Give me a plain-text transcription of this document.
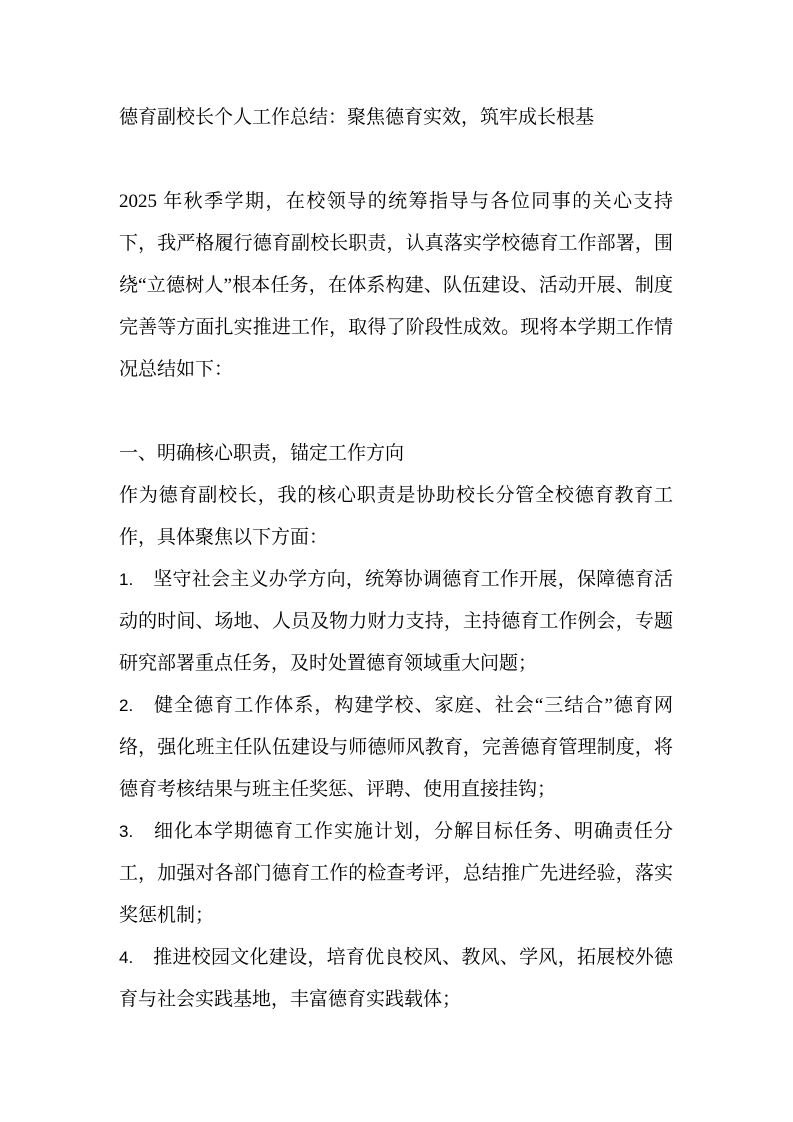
德育副校长个人工作总结：聚焦德育实效，筑牢成长根基

2025 年秋季学期，在校领导的统筹指导与各位同事的关心支持下，我严格履行德育副校长职责，认真落实学校德育工作部署，围绕“立德树人”根本任务，在体系构建、队伍建设、活动开展、制度完善等方面扎实推进工作，取得了阶段性成效。现将本学期工作情况总结如下：

一、明确核心职责，锚定工作方向

作为德育副校长，我的核心职责是协助校长分管全校德育教育工作，具体聚焦以下方面：

1. 坚守社会主义办学方向，统筹协调德育工作开展，保障德育活动的时间、场地、人员及物力财力支持，主持德育工作例会，专题研究部署重点任务，及时处置德育领域重大问题；

2. 健全德育工作体系，构建学校、家庭、社会“三结合”德育网络，强化班主任队伍建设与师德师风教育，完善德育管理制度，将德育考核结果与班主任奖惩、评聘、使用直接挂钩；

3. 细化本学期德育工作实施计划，分解目标任务、明确责任分工，加强对各部门德育工作的检查考评，总结推广先进经验，落实奖惩机制；

4. 推进校园文化建设，培育优良校风、教风、学风，拓展校外德育与社会实践基地，丰富德育实践载体；
